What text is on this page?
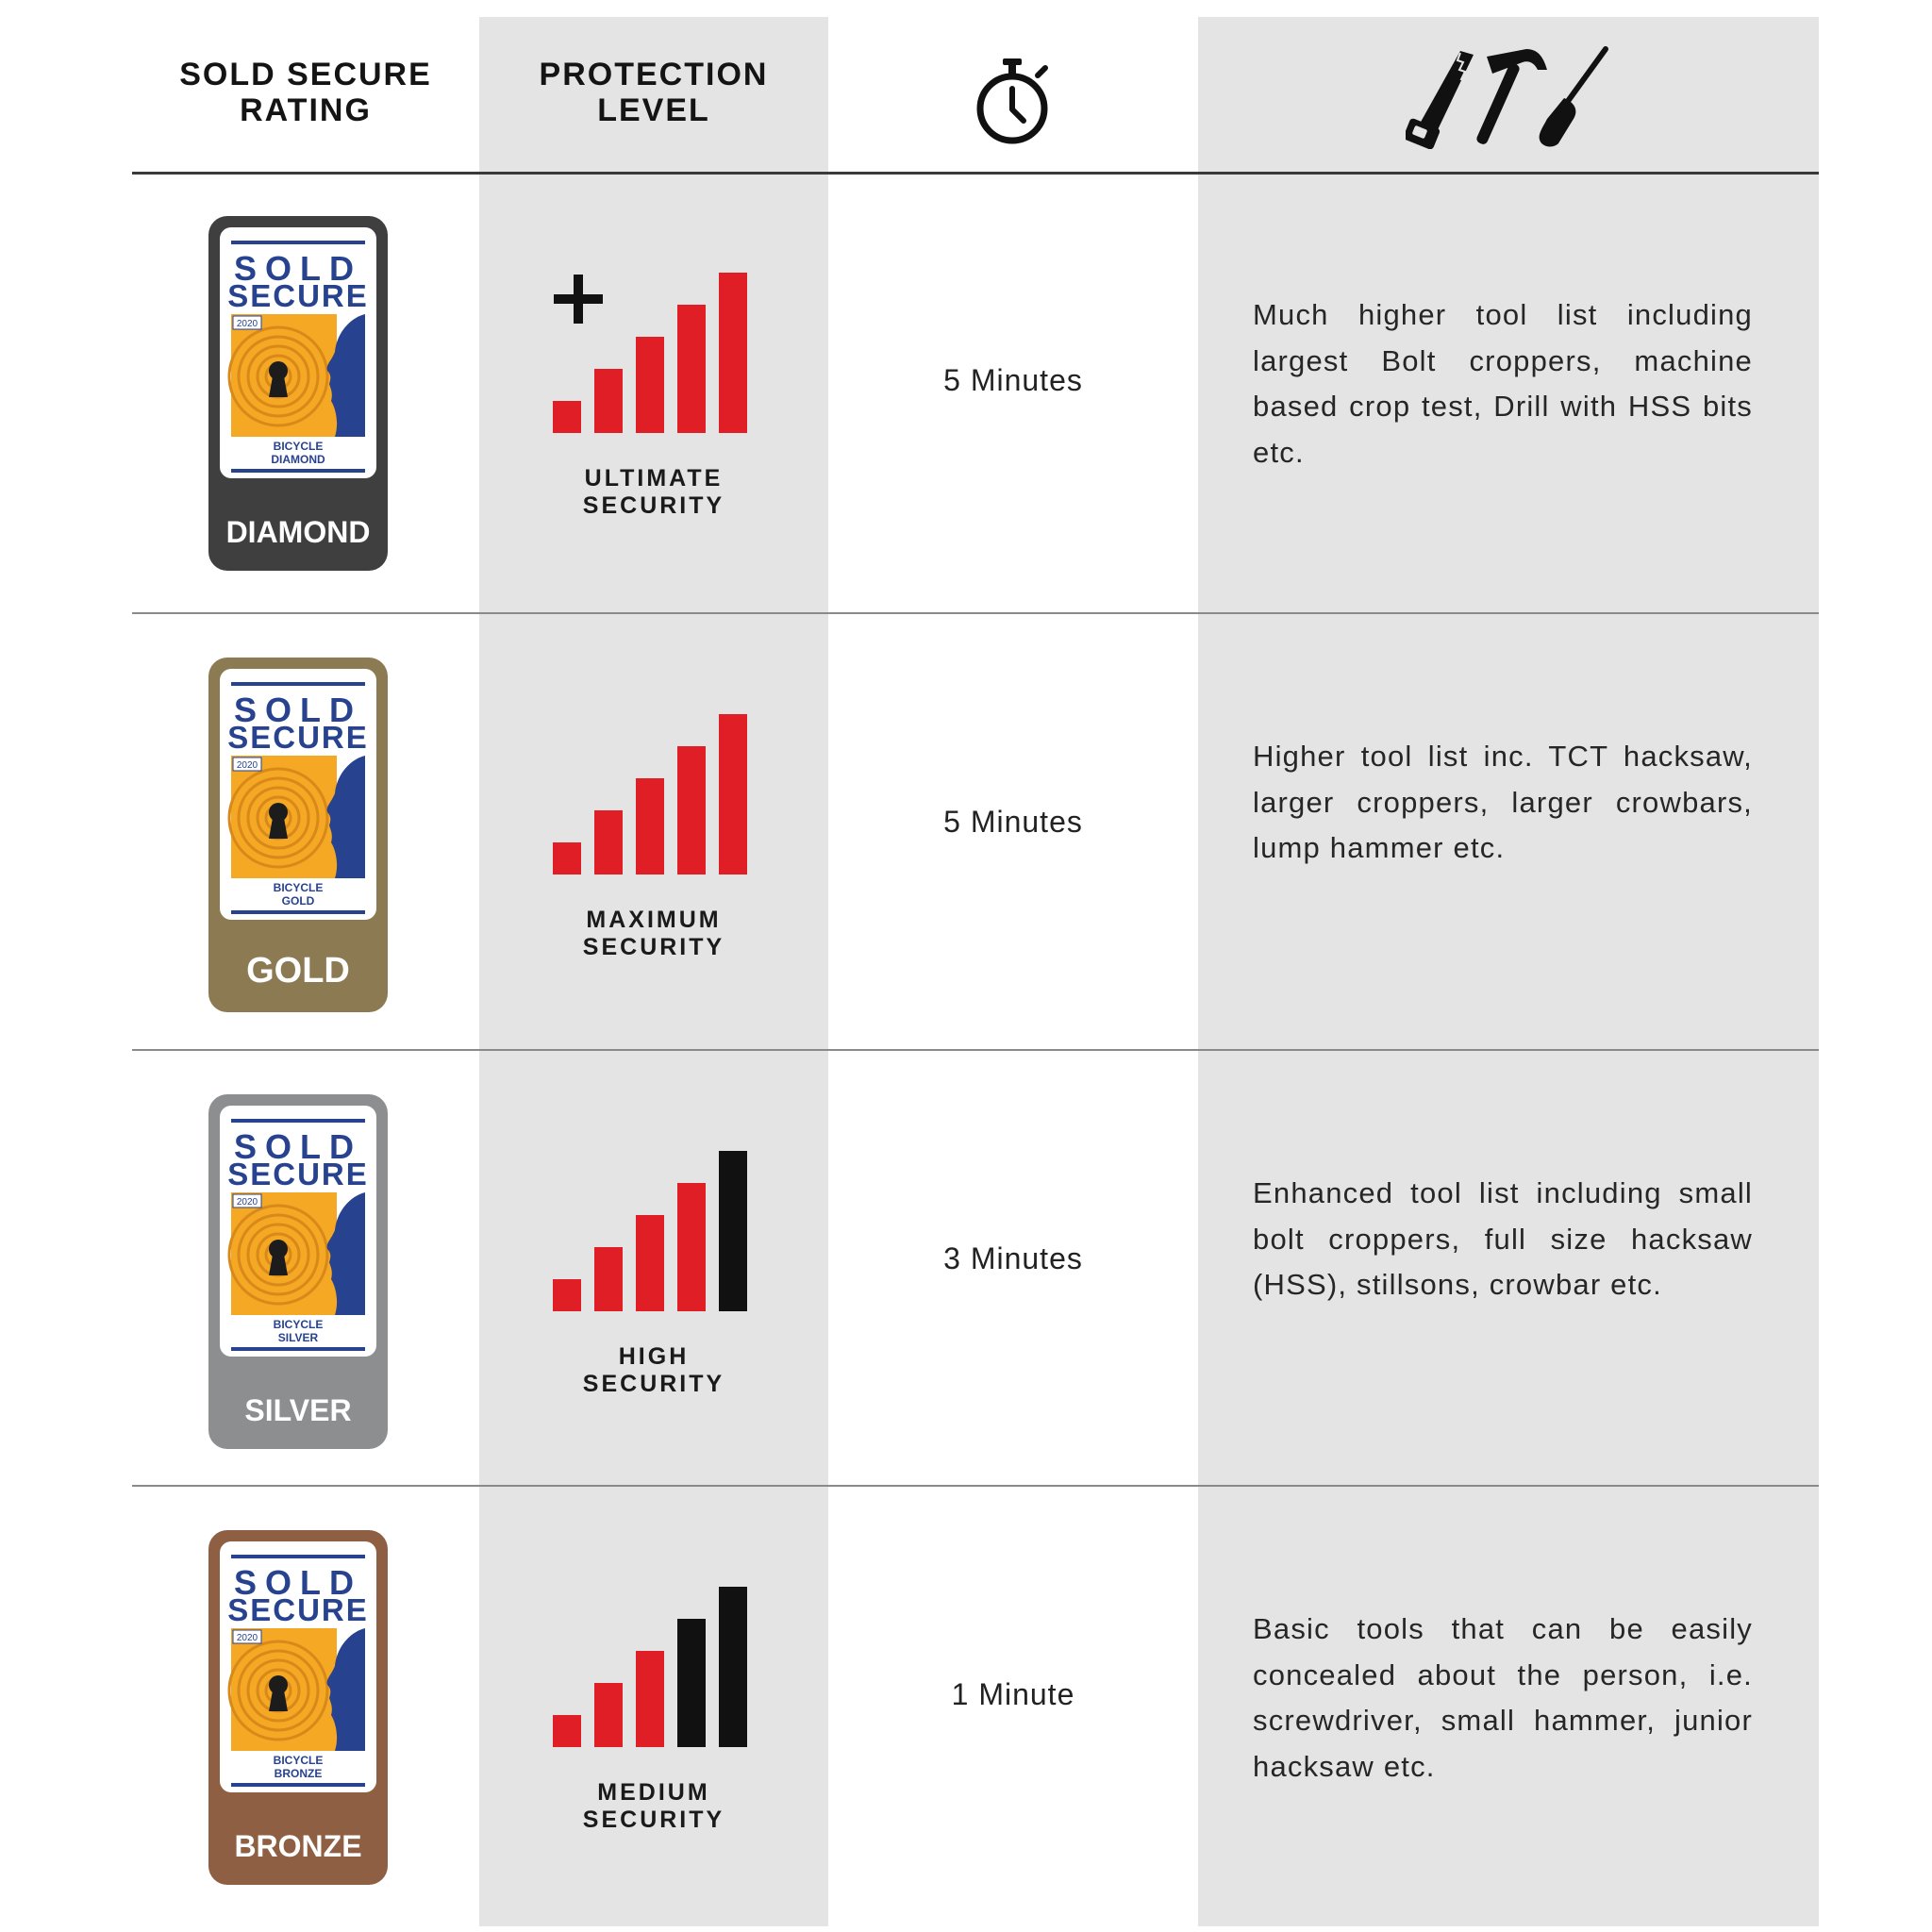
SOLD SECURE
RATING
PROTECTION
LEVEL
SOLD
SECURE
2020
BICYCLE
DIAMOND
DIAMOND
ULTIMATE
SECURITY
5 Minutes
Much higher tool list including largest Bolt croppers, machine based crop test, Drill with HSS bits etc.
SOLD
SECURE
2020
BICYCLE
GOLD
GOLD
MAXIMUM
SECURITY
5 Minutes
Higher tool list inc. TCT hacksaw, larger croppers, larger crowbars, lump hammer etc.
SOLD
SECURE
2020
BICYCLE
SILVER
SILVER
HIGH
SECURITY
3 Minutes
Enhanced tool list including small bolt croppers, full size hacksaw (HSS), stillsons, crowbar etc.
SOLD
SECURE
2020
BICYCLE
BRONZE
BRONZE
MEDIUM
SECURITY
1 Minute
Basic tools that can be easily concealed about the person, i.e. screwdriver, small hammer, junior hacksaw etc.
